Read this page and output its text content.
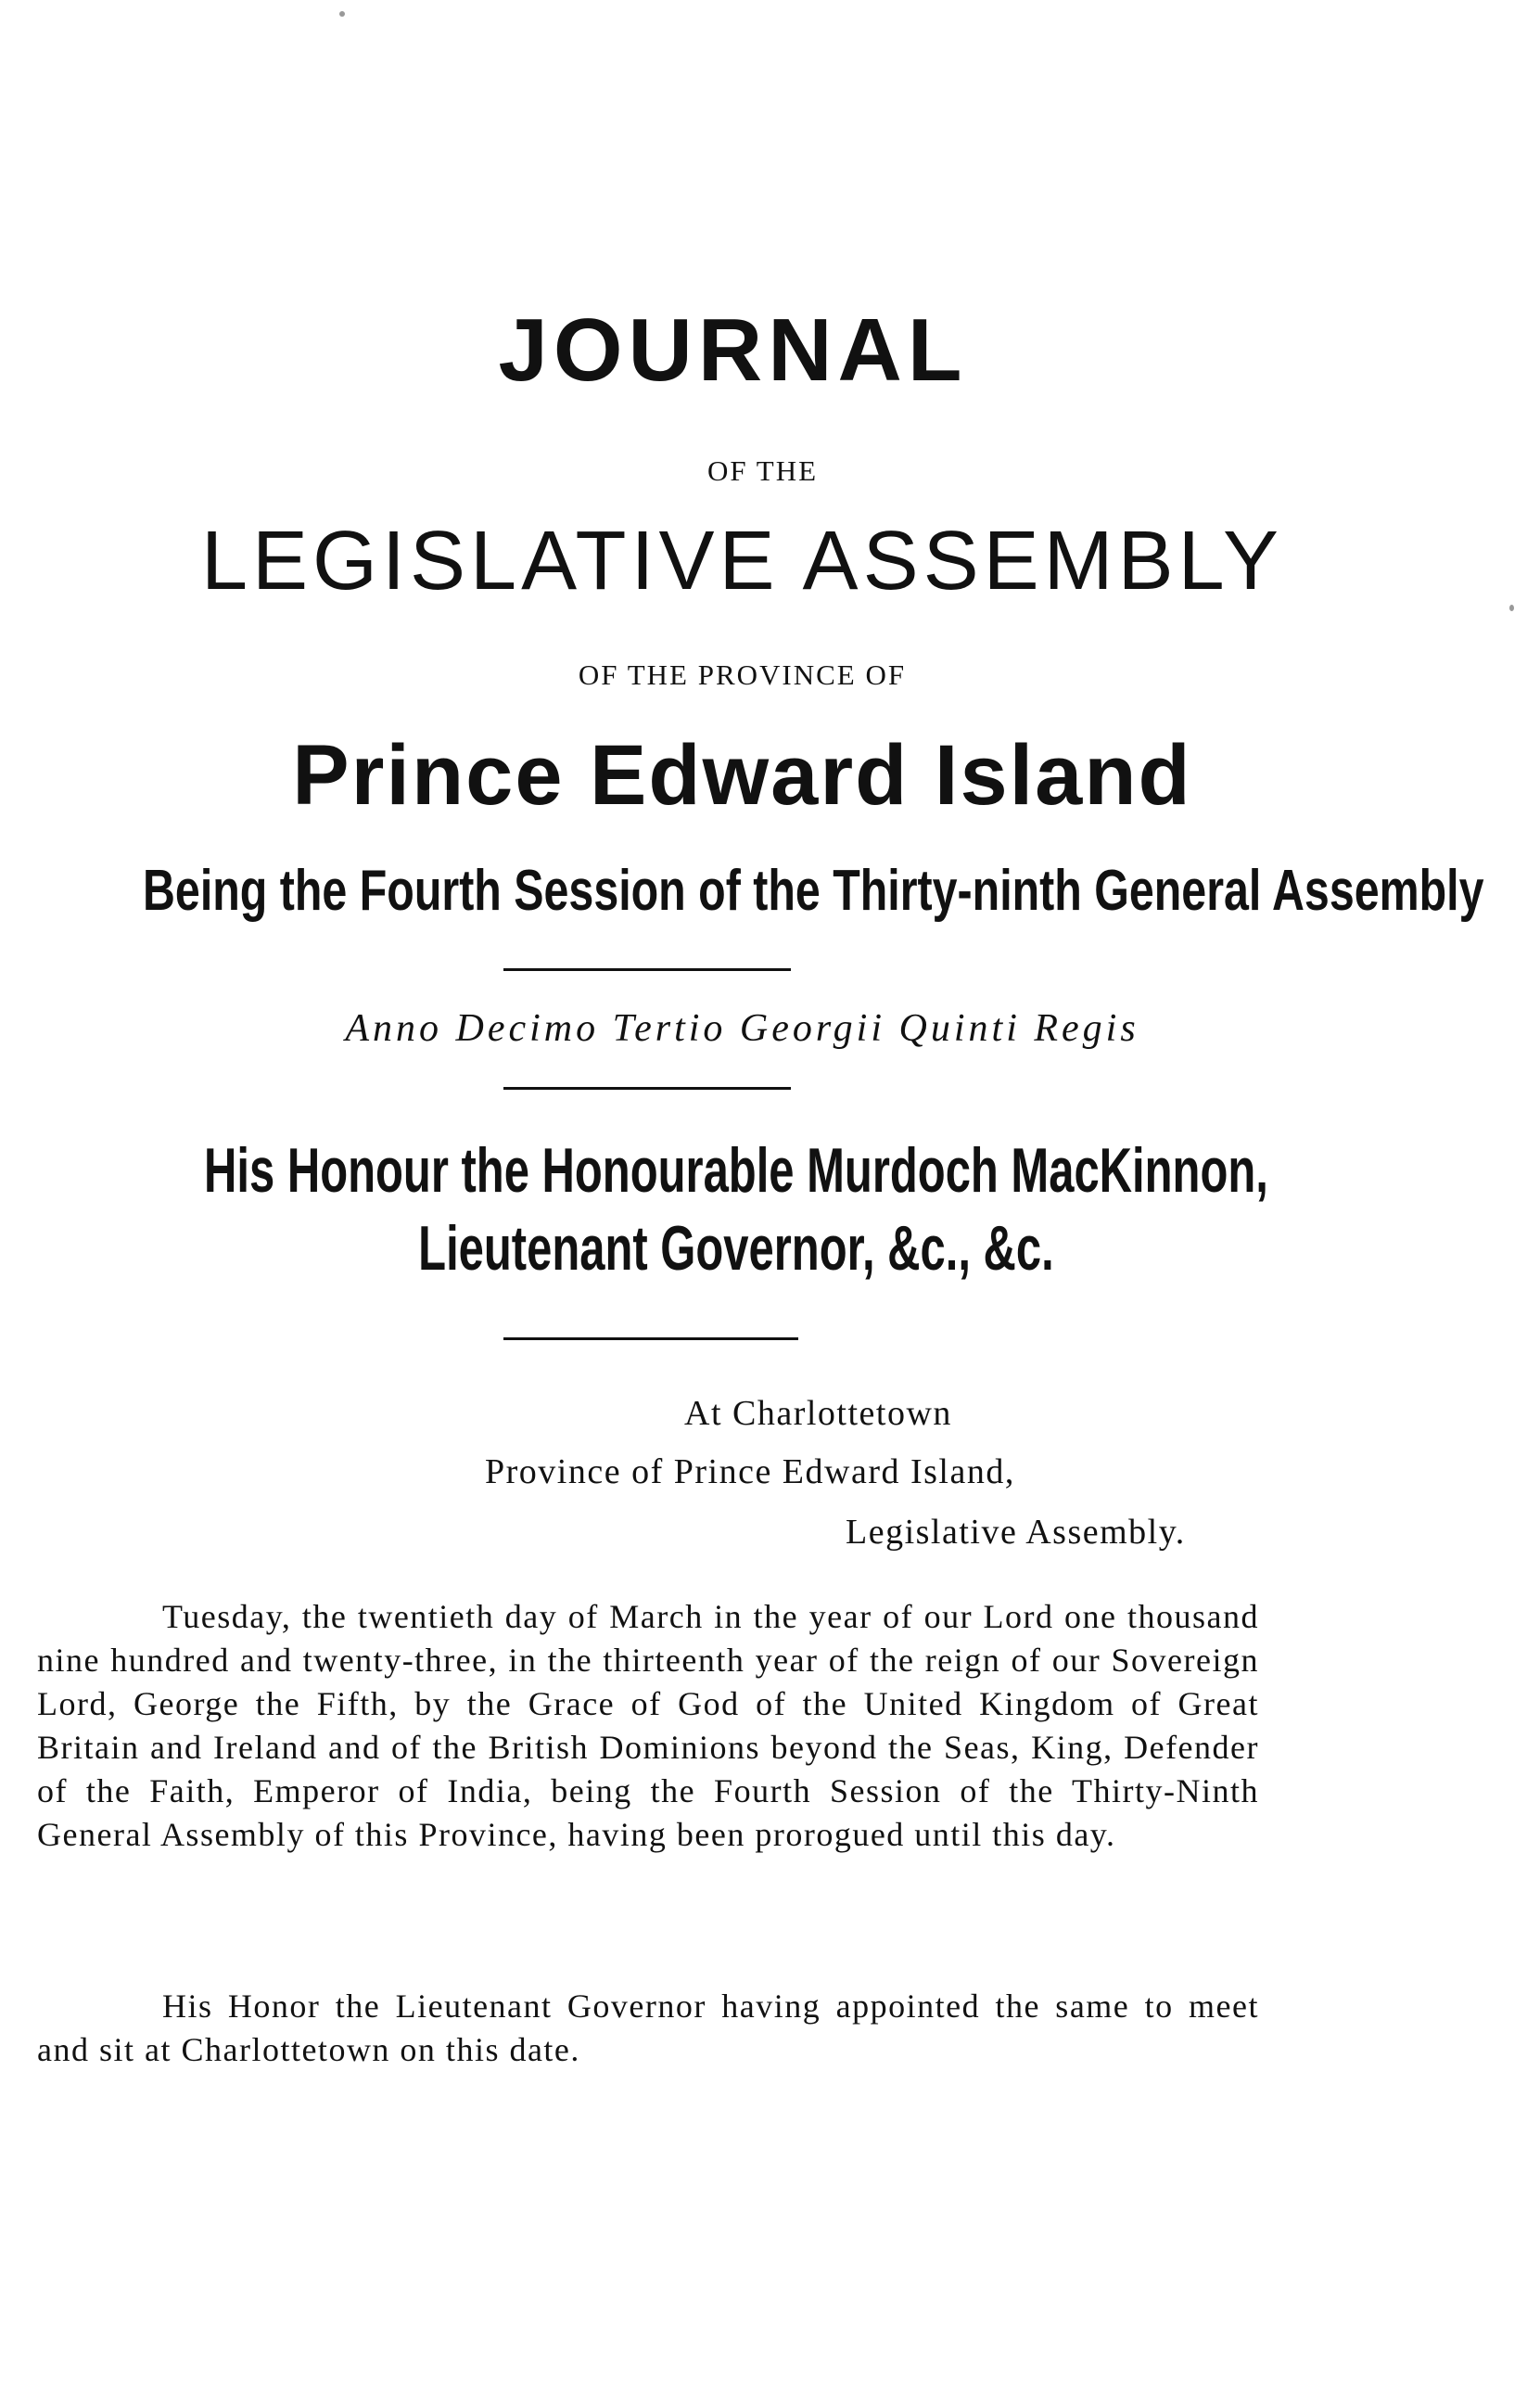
JOURNAL
OF THE
LEGISLATIVE ASSEMBLY
OF THE PROVINCE OF
Prince Edward Island
Being the Fourth Session of the Thirty-ninth General Assembly
Anno Decimo Tertio Georgii Quinti Regis
His Honour the Honourable Murdoch MacKinnon,
Lieutenant Governor, &c., &c.
At Charlottetown
Province of Prince Edward Island,
Legislative Assembly.
Tuesday, the twentieth day of March in the year of our Lord one thousand nine hundred and twenty-three, in the thirteenth year of the reign of our Sovereign Lord, George the Fifth, by the Grace of God of the United Kingdom of Great Britain and Ireland and of the British Dominions beyond the Seas, King, Defender of the Faith, Emperor of India, being the Fourth Session of the Thirty-Ninth General Assembly of this Province, having been prorogued until this day.
His Honor the Lieutenant Governor having appointed the same to meet and sit at Charlottetown on this date.
